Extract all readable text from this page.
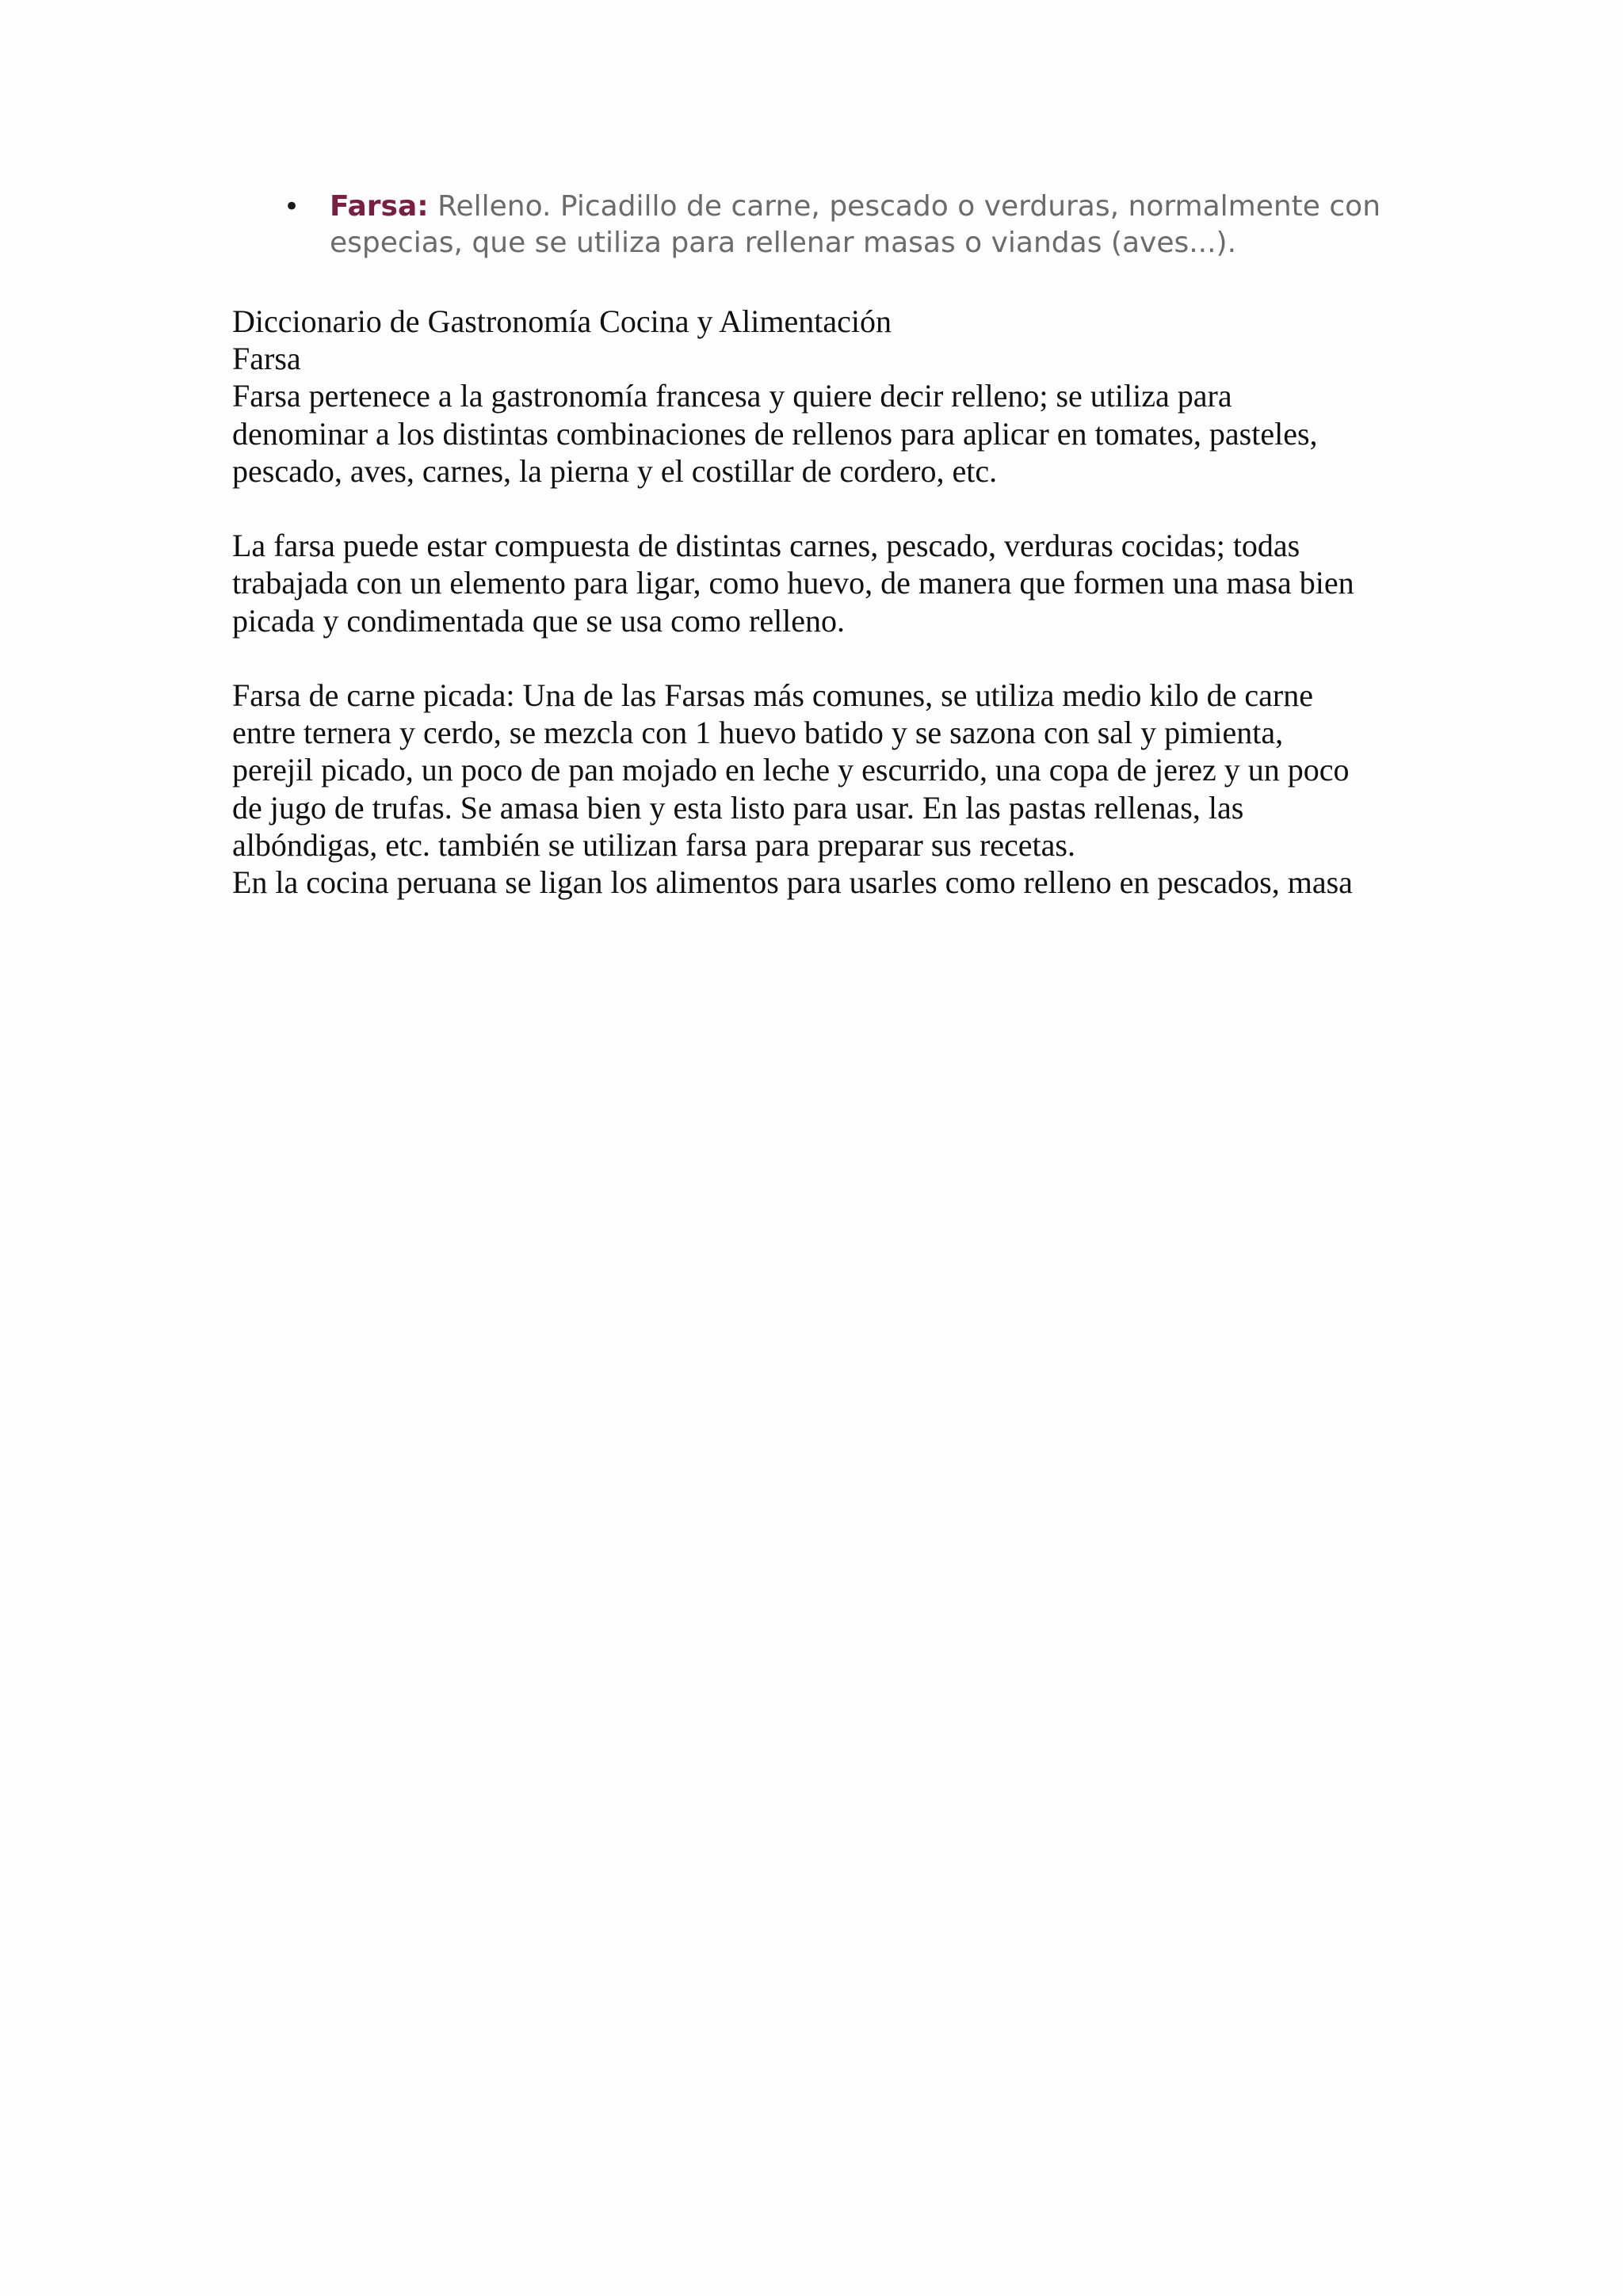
• Farsa: Relleno. Picadillo de carne, pescado o verduras, normalmente con
especias, que se utiliza para rellenar masas o viandas (aves...).
Diccionario de Gastronomía Cocina y Alimentación
Farsa
Farsa pertenece a la gastronomía francesa y quiere decir relleno; se utiliza para
denominar a los distintas combinaciones de rellenos para aplicar en tomates, pasteles,
pescado, aves, carnes, la pierna y el costillar de cordero, etc.
La farsa puede estar compuesta de distintas carnes, pescado, verduras cocidas; todas
trabajada con un elemento para ligar, como huevo, de manera que formen una masa bien
picada y condimentada que se usa como relleno.
Farsa de carne picada: Una de las Farsas más comunes, se utiliza medio kilo de carne
entre ternera y cerdo, se mezcla con 1 huevo batido y se sazona con sal y pimienta,
perejil picado, un poco de pan mojado en leche y escurrido, una copa de jerez y un poco
de jugo de trufas. Se amasa bien y esta listo para usar. En las pastas rellenas, las
albóndigas, etc. también se utilizan farsa para preparar sus recetas.
En la cocina peruana se ligan los alimentos para usarles como relleno en pescados, masa
